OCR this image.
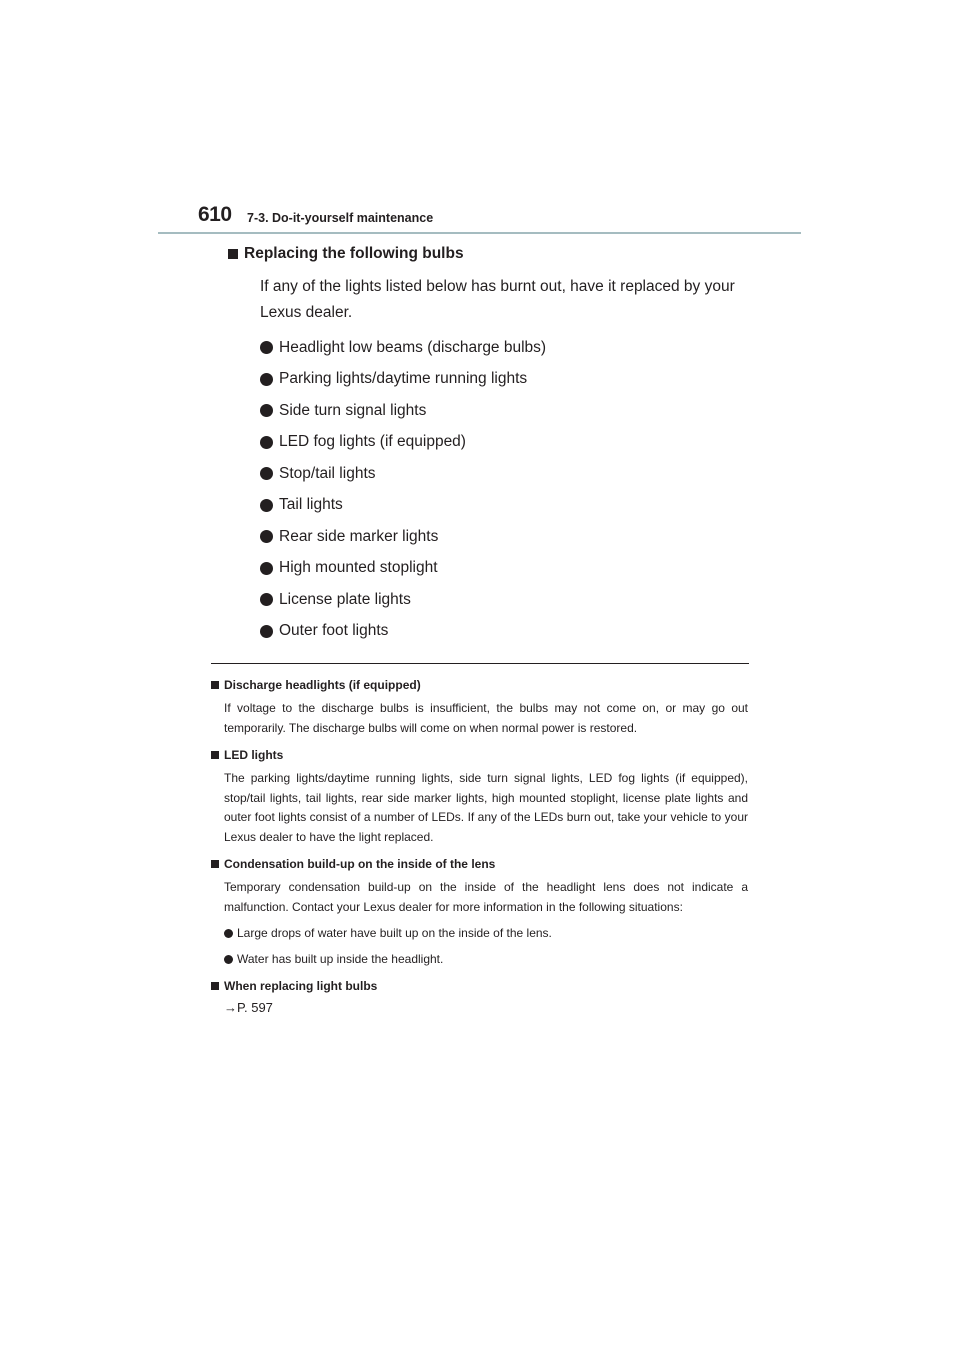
610 7-3. Do-it-yourself maintenance
Replacing the following bulbs
If any of the lights listed below has burnt out, have it replaced by your Lexus dealer.
Headlight low beams (discharge bulbs)
Parking lights/daytime running lights
Side turn signal lights
LED fog lights (if equipped)
Stop/tail lights
Tail lights
Rear side marker lights
High mounted stoplight
License plate lights
Outer foot lights
Discharge headlights (if equipped)
If voltage to the discharge bulbs is insufficient, the bulbs may not come on, or may go out temporarily. The discharge bulbs will come on when normal power is restored.
LED lights
The parking lights/daytime running lights, side turn signal lights, LED fog lights (if equipped), stop/tail lights, tail lights, rear side marker lights, high mounted stoplight, license plate lights and outer foot lights consist of a number of LEDs. If any of the LEDs burn out, take your vehicle to your Lexus dealer to have the light replaced.
Condensation build-up on the inside of the lens
Temporary condensation build-up on the inside of the headlight lens does not indicate a malfunction. Contact your Lexus dealer for more information in the following situations:
Large drops of water have built up on the inside of the lens.
Water has built up inside the headlight.
When replacing light bulbs
→P. 597
